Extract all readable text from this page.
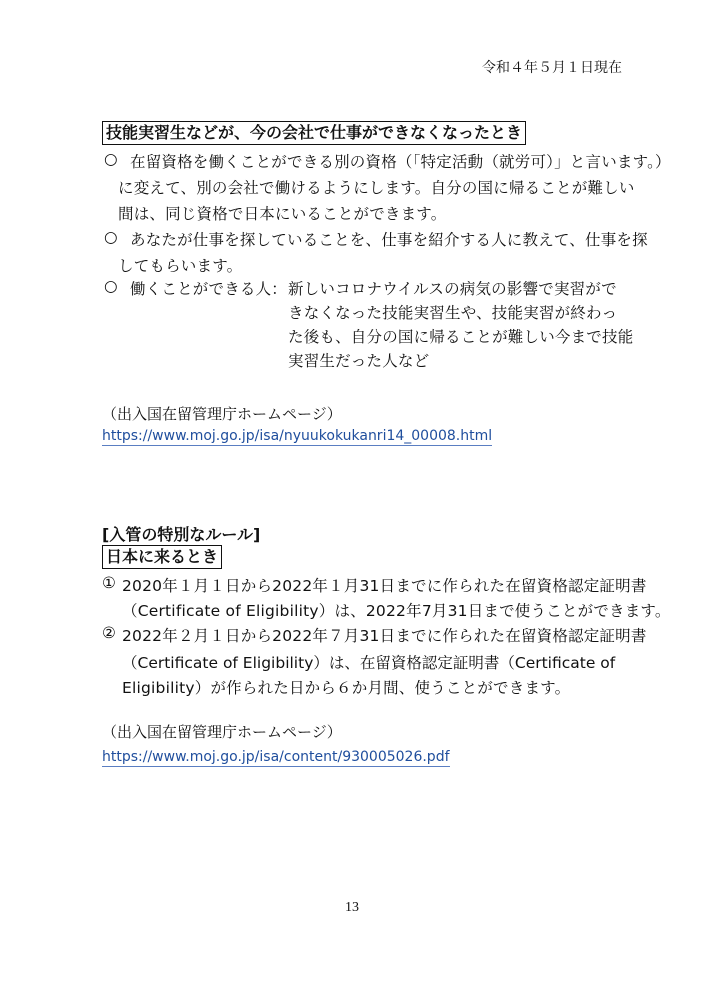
令和４年５月１日現在
技能実習生などが、今の会社で仕事ができなくなったとき
○ 在留資格を働くことができる別の資格（「特定活動（就労可）」と言います。）
に変えて、別の会社で働けるようにします。自分の国に帰ることが難しい
間は、同じ資格で日本にいることができます。
○ あなたが仕事を探していることを、仕事を紹介する人に教えて、仕事を探
してもらいます。
○ 働くことができる人： 新しいコロナウイルスの病気の影響で実習がで
きなくなった技能実習生や、技能実習が終わっ
た後も、自分の国に帰ることが難しい今まで技能
実習生だった人など
（出入国在留管理庁ホームページ）
https://www.moj.go.jp/isa/nyuukokukanri14_00008.html
[入管の特別なルール]
日本に来るとき
① 2020年１月１日から2022年１月31日までに作られた在留資格認定証明書
（Certificate of Eligibility）は、2022年7月31日まで使うことができます。
② 2022年２月１日から2022年７月31日までに作られた在留資格認定証明書
（Certificate of Eligibility）は、在留資格認定証明書（Certificate of
Eligibility）が作られた日から６か月間、使うことができます。
（出入国在留管理庁ホームページ）
https://www.moj.go.jp/isa/content/930005026.pdf
13
